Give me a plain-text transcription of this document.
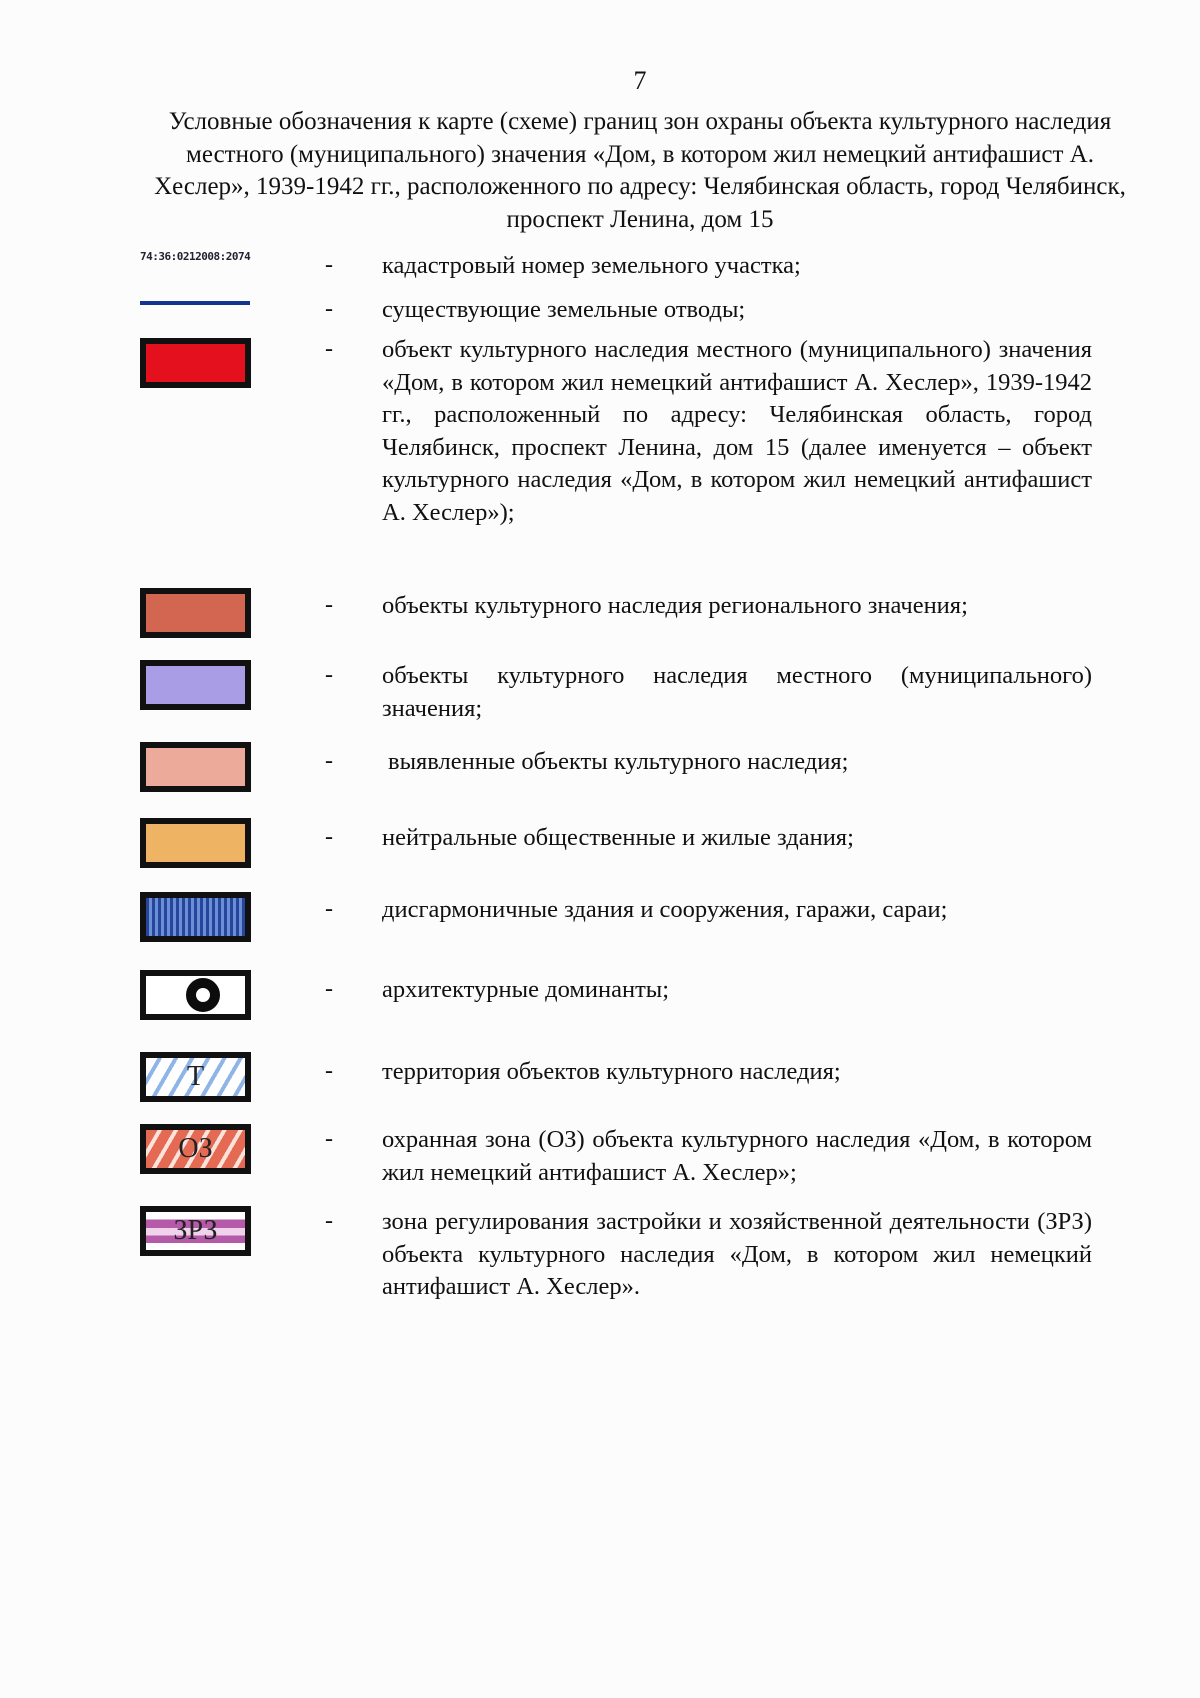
7
Условные обозначения к карте (схеме) границ зон охраны объекта культурного наследия местного (муниципального) значения «Дом, в котором жил немецкий антифашист А. Хеслер», 1939-1942 гг., расположенного по адресу: Челябинская область, город Челябинск, проспект Ленина, дом 15
74:36:0212008:2074	- кадастровый номер земельного участка;
- существующие земельные отводы;
- объект культурного наследия местного (муниципального) значения «Дом, в котором жил немецкий антифашист А. Хеслер», 1939-1942 гг., расположенный по адресу: Челябинская область, город Челябинск, проспект Ленина, дом 15 (далее именуется – объект культурного наследия «Дом, в котором жил немецкий антифашист А. Хеслер»);
- объекты культурного наследия регионального значения;
- объекты культурного наследия местного (муниципального) значения;
- выявленные объекты культурного наследия;
- нейтральные общественные и жилые здания;
- дисгармоничные здания и сооружения, гаражи, сараи;
- архитектурные доминанты;
Т	- территория объектов культурного наследия;
ОЗ	- охранная зона (ОЗ) объекта культурного наследия «Дом, в котором жил немецкий антифашист А. Хеслер»;
ЗРЗ	- зона регулирования застройки и хозяйственной деятельности (ЗРЗ) объекта культурного наследия «Дом, в котором жил немецкий антифашист А. Хеслер».
